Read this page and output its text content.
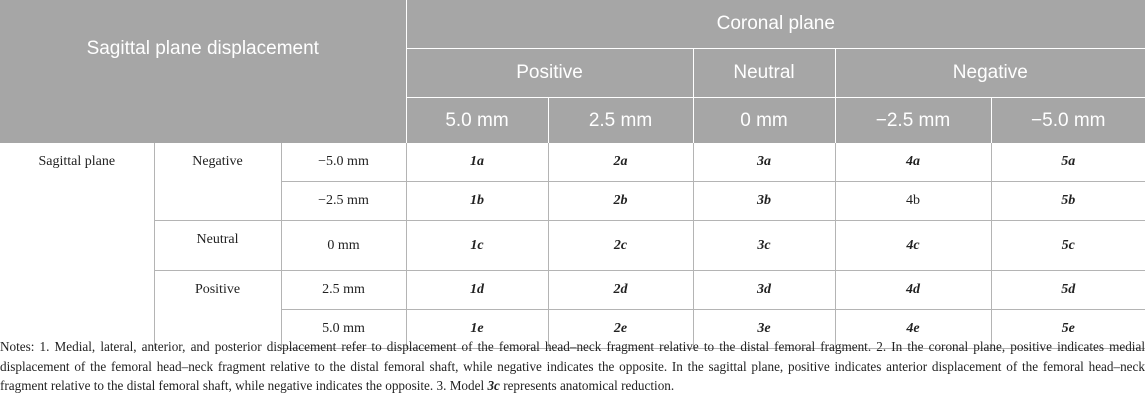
Sagittal plane displacement			Coronal plane				
			Positive		Neutral	Negative	
			5.0 mm	2.5 mm	0 mm	−2.5 mm	−5.0 mm
Sagittal plane	Negative	−5.0 mm	1a	2a	3a	4a	5a
		−2.5 mm	1b	2b	3b	4b	5b
	Neutral	0 mm	1c	2c	3c	4c	5c
	Positive	2.5 mm	1d	2d	3d	4d	5d
		5.0 mm	1e	2e	3e	4e	5e

Notes: 1. Medial, lateral, anterior, and posterior displacement refer to displacement of the femoral head–neck fragment relative to the distal femoral fragment. 2. In the coronal plane, positive indicates medial displacement of the femoral head–neck fragment relative to the distal femoral shaft, while negative indicates the opposite. In the sagittal plane, positive indicates anterior displacement of the femoral head–neck fragment relative to the distal femoral shaft, while negative indicates the opposite. 3. Model 3c represents anatomical reduction.
